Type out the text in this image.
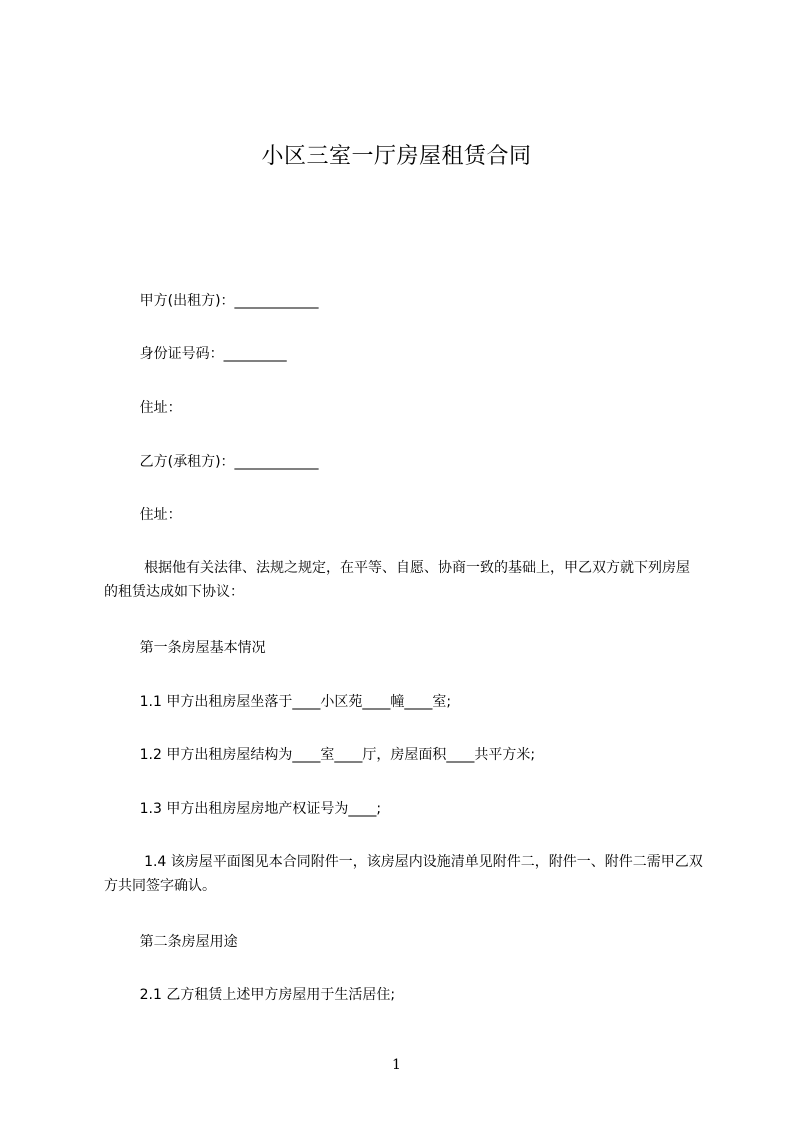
小区三室一厅房屋租赁合同
甲方(出租方)：____________
身份证号码：_________
住址：
乙方(承租方)：____________
住址：
根据他有关法律、法规之规定，在平等、自愿、协商一致的基础上，甲乙双方就下列房屋的租赁达成如下协议：
第一条房屋基本情况
1.1 甲方出租房屋坐落于____小区苑____幢____室;
1.2 甲方出租房屋结构为____室____厅，房屋面积____共平方米;
1.3 甲方出租房屋房地产权证号为____;
1.4 该房屋平面图见本合同附件一，该房屋内设施清单见附件二，附件一、附件二需甲乙双方共同签字确认。
第二条房屋用途
2.1 乙方租赁上述甲方房屋用于生活居住;
1
